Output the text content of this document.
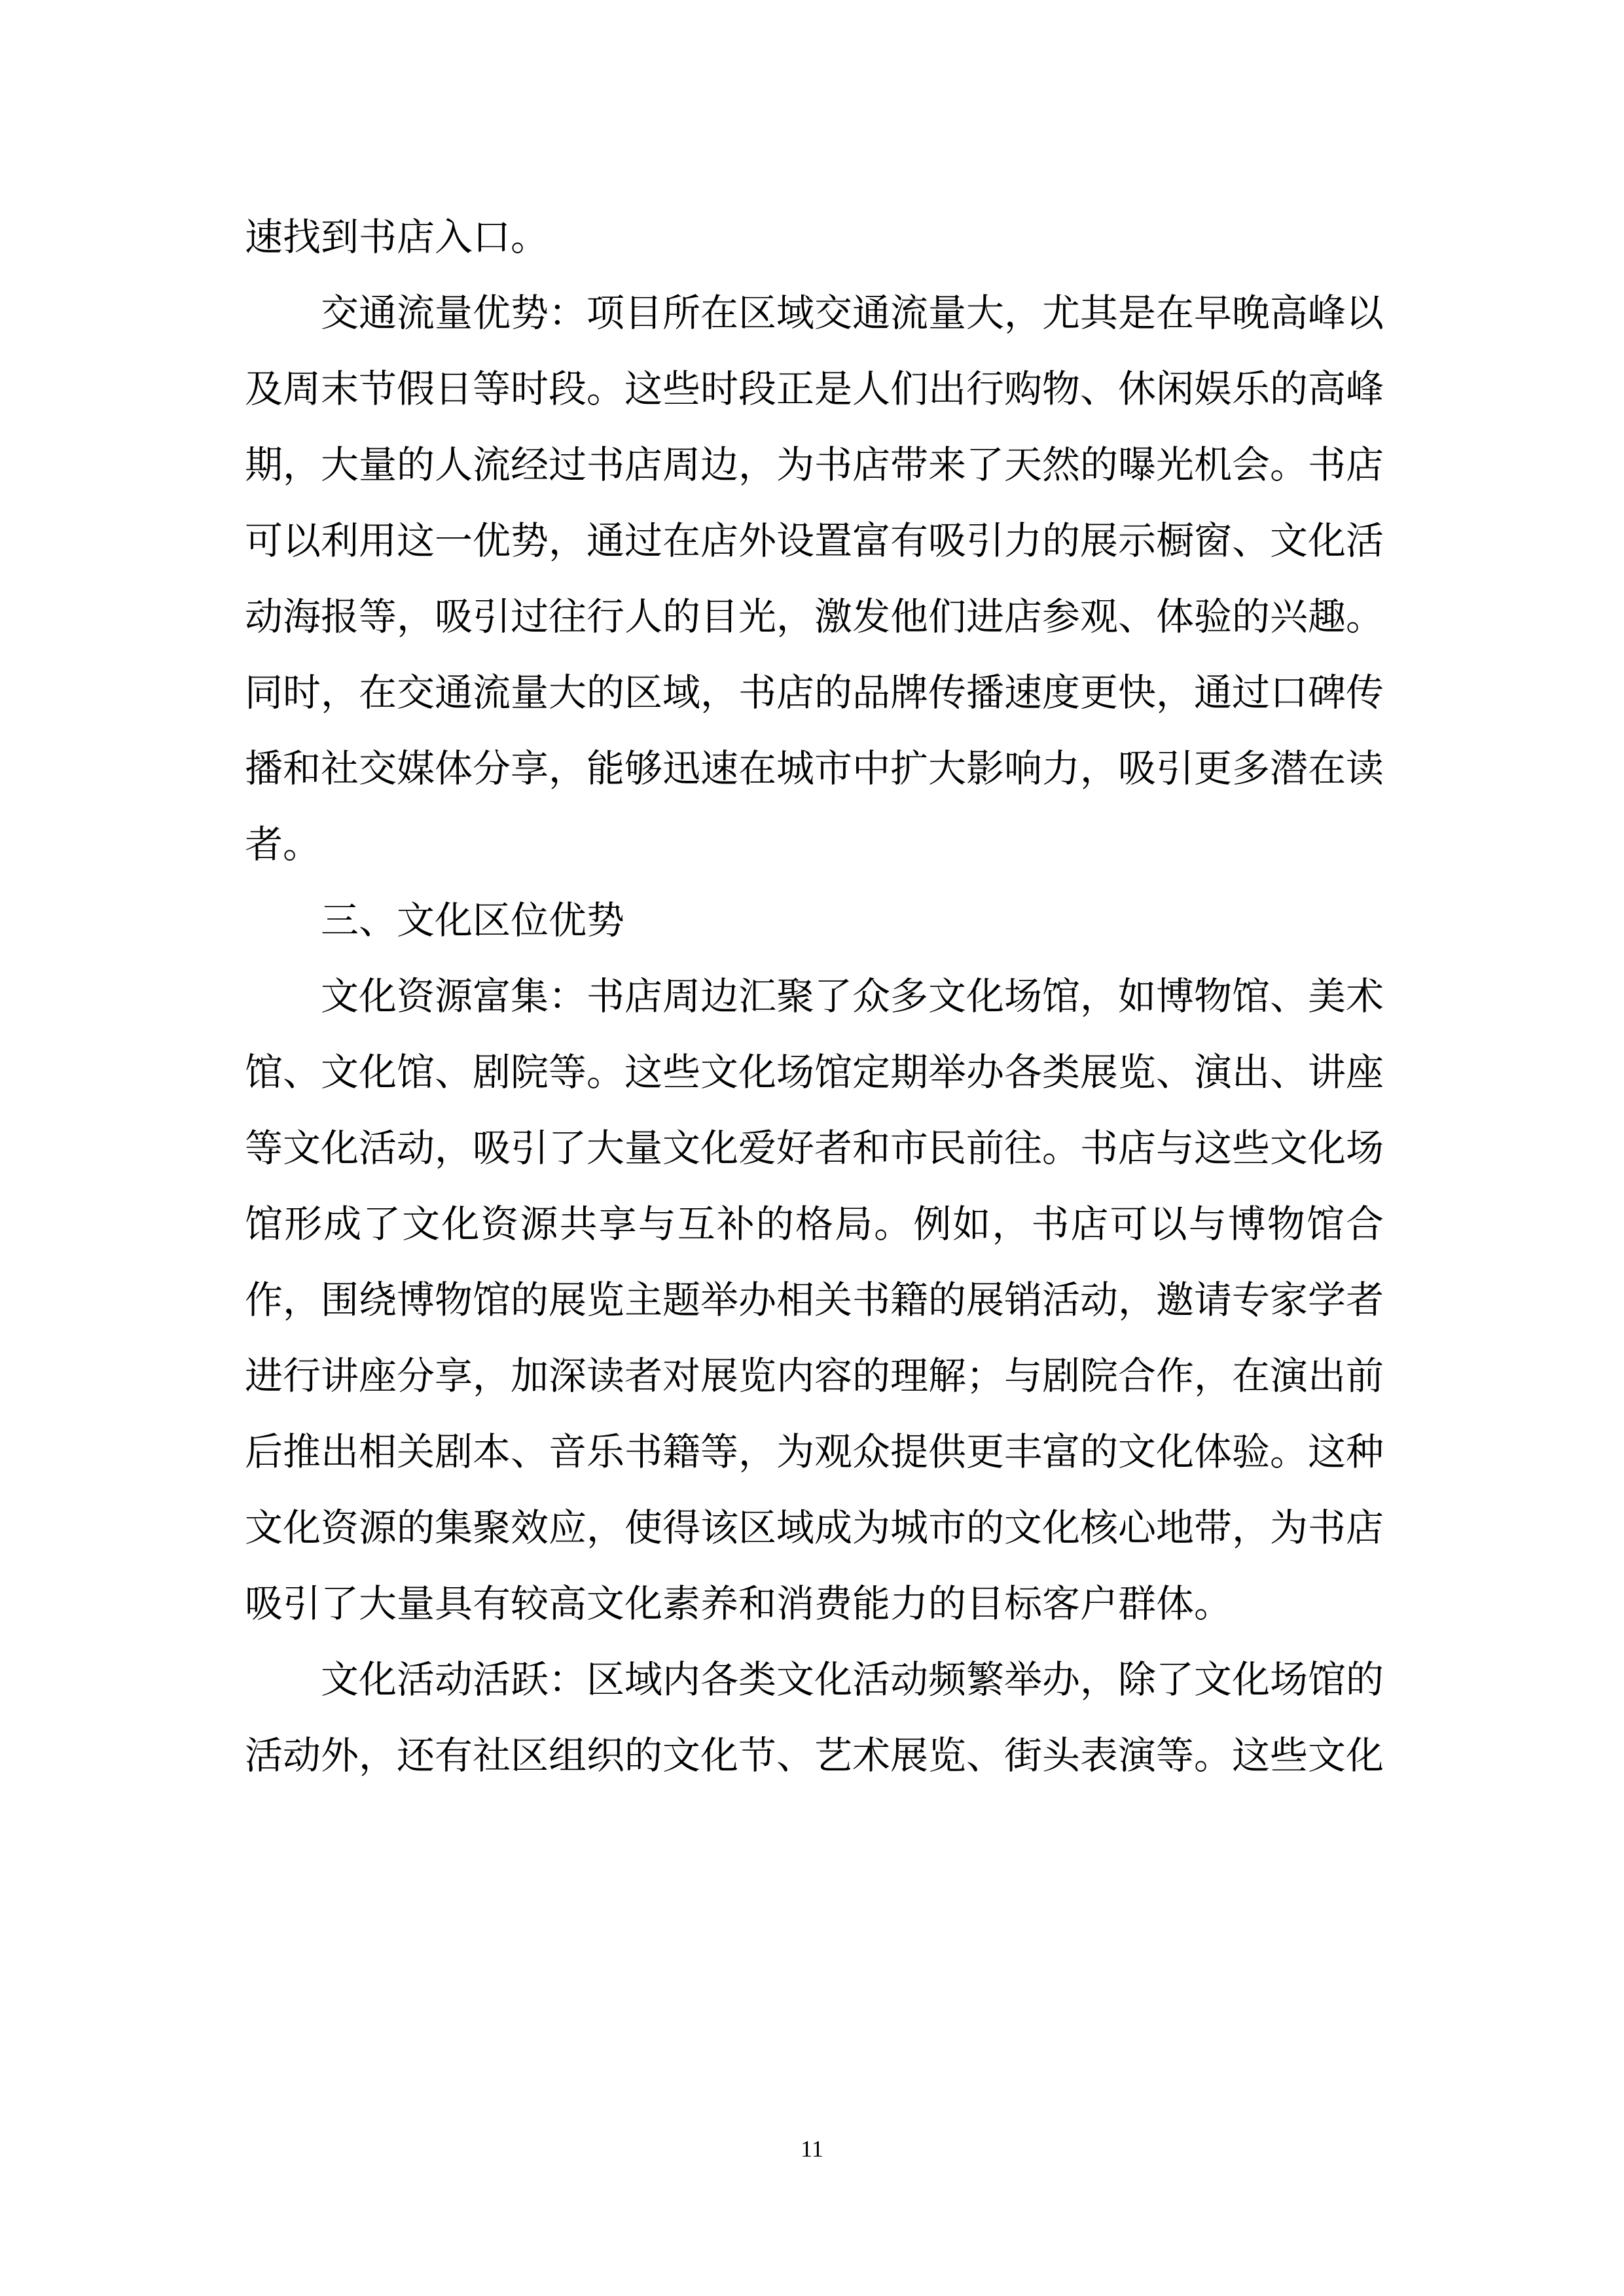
速找到书店入口。

交通流量优势：项目所在区域交通流量大，尤其是在早晚高峰以及周末节假日等时段。这些时段正是人们出行购物、休闲娱乐的高峰期，大量的人流经过书店周边，为书店带来了天然的曝光机会。书店可以利用这一优势，通过在店外设置富有吸引力的展示橱窗、文化活动海报等，吸引过往行人的目光，激发他们进店参观、体验的兴趣。同时，在交通流量大的区域，书店的品牌传播速度更快，通过口碑传播和社交媒体分享，能够迅速在城市中扩大影响力，吸引更多潜在读者。

三、文化区位优势

文化资源富集：书店周边汇聚了众多文化场馆，如博物馆、美术馆、文化馆、剧院等。这些文化场馆定期举办各类展览、演出、讲座等文化活动，吸引了大量文化爱好者和市民前往。书店与这些文化场馆形成了文化资源共享与互补的格局。例如，书店可以与博物馆合作，围绕博物馆的展览主题举办相关书籍的展销活动，邀请专家学者进行讲座分享，加深读者对展览内容的理解；与剧院合作，在演出前后推出相关剧本、音乐书籍等，为观众提供更丰富的文化体验。这种文化资源的集聚效应，使得该区域成为城市的文化核心地带，为书店吸引了大量具有较高文化素养和消费能力的目标客户群体。

文化活动活跃：区域内各类文化活动频繁举办，除了文化场馆的活动外，还有社区组织的文化节、艺术展览、街头表演等。这些文化

11
